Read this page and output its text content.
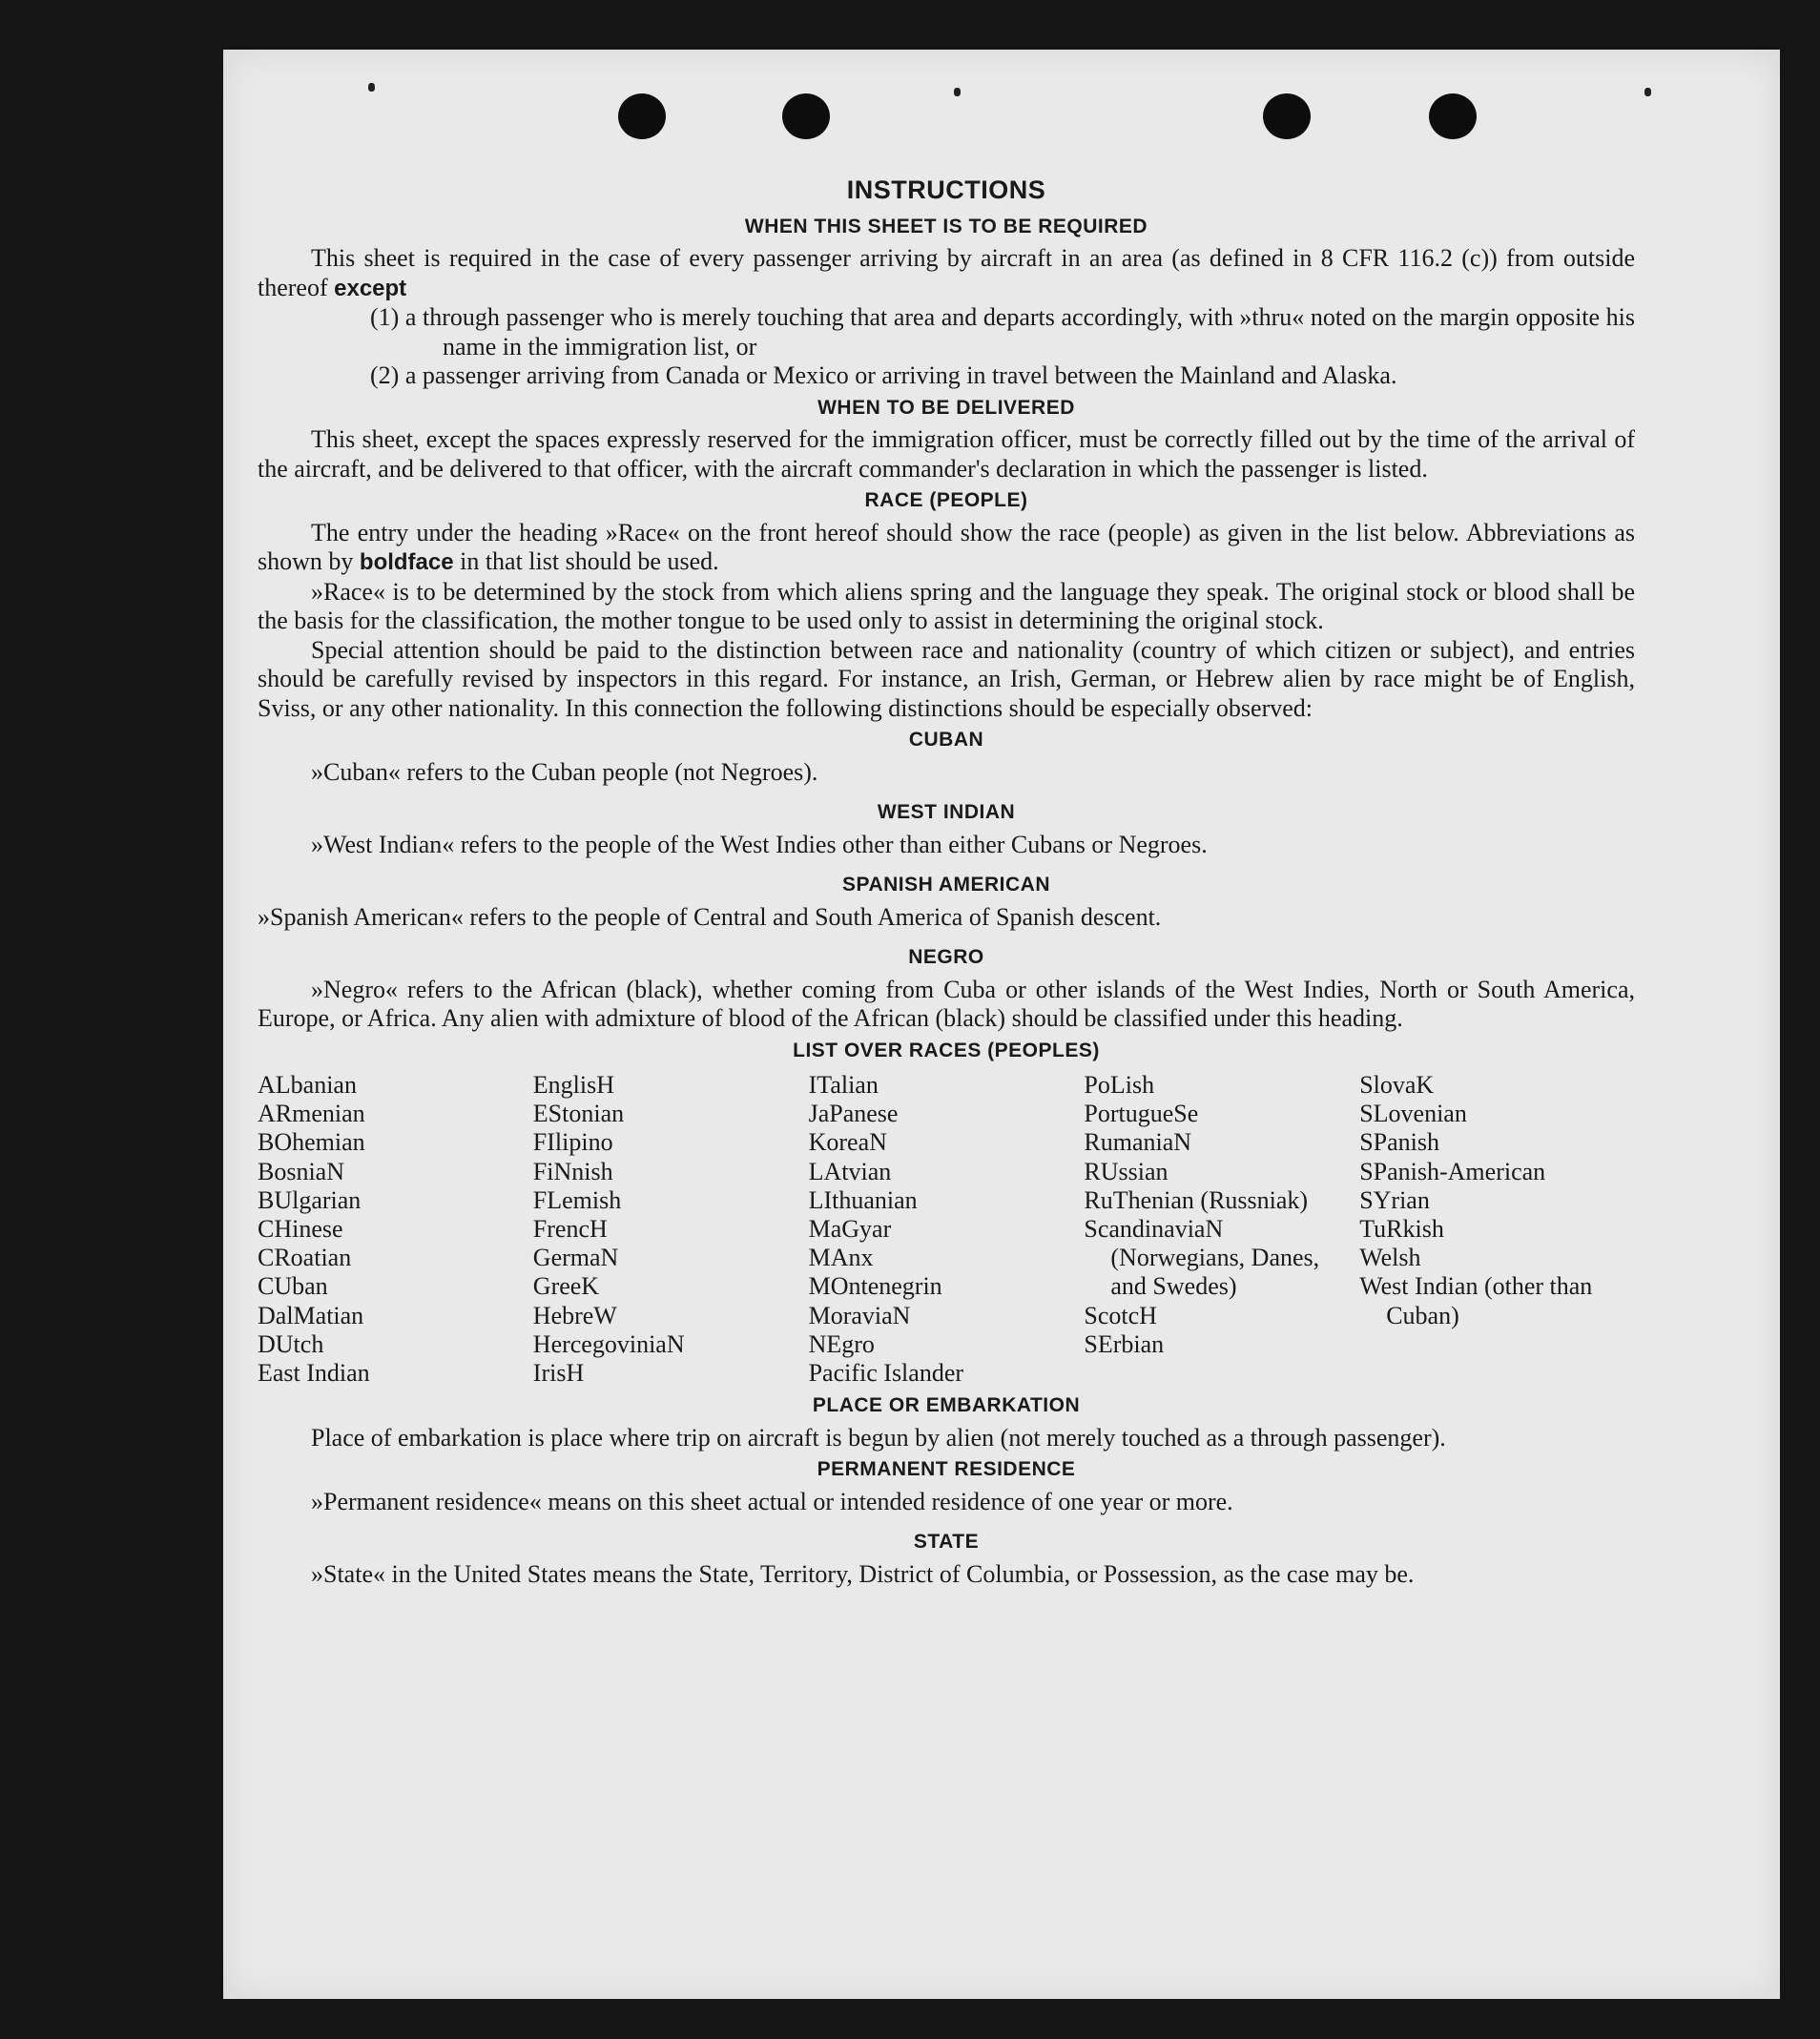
INSTRUCTIONS
WHEN THIS SHEET IS TO BE REQUIRED

This sheet is required in the case of every passenger arriving by aircraft in an area (as defined in 8 CFR 116.2 (c)) from outside thereof except

(1) a through passenger who is merely touching that area and departs accordingly, with »thru« noted on the margin opposite his name in the immigration list, or

(2) a passenger arriving from Canada or Mexico or arriving in travel between the Mainland and Alaska.

WHEN TO BE DELIVERED

This sheet, except the spaces expressly reserved for the immigration officer, must be correctly filled out by the time of the arrival of the aircraft, and be delivered to that officer, with the aircraft commander's declaration in which the passenger is listed.

RACE (PEOPLE)

The entry under the heading »Race« on the front hereof should show the race (people) as given in the list below. Abbreviations as shown by boldface in that list should be used.

»Race« is to be determined by the stock from which aliens spring and the language they speak. The original stock or blood shall be the basis for the classification, the mother tongue to be used only to assist in determining the original stock.

Special attention should be paid to the distinction between race and nationality (country of which citizen or subject), and entries should be carefully revised by inspectors in this regard. For instance, an Irish, German, or Hebrew alien by race might be of English, Sviss, or any other nationality. In this connection the following distinctions should be especially observed:

CUBAN

»Cuban« refers to the Cuban people (not Negroes).

WEST INDIAN

»West Indian« refers to the people of the West Indies other than either Cubans or Negroes.

SPANISH AMERICAN

»Spanish American« refers to the people of Central and South America of Spanish descent.

NEGRO

»Negro« refers to the African (black), whether coming from Cuba or other islands of the West Indies, North or South America, Europe, or Africa. Any alien with admixture of blood of the African (black) should be classified under this heading.

LIST OVER RACES (PEOPLES)
ALbanian
ARmenian
BOhemian
BosniaN
BUlgarian
CHinese
CRoatian
CUban
DalMatian
DUtch
East Indian
EnglisH
EStonian
FIlipino
FiNnish
FLemish
FrencH
GermaN
GreeK
HebreW
HercegoviniaN
IrisH
ITalian
JaPanese
KoreaN
LAtvian
LIthuanian
MaGyar
MAnx
MOntenegrin
MoraviaN
NEgro
Pacific Islander
PoLish
PortugueSe
RumaniaN
RUssian
RuThenian (Russniak)
ScandinaviaN (Norwegians, Danes, and Swedes)
ScotcH
SErbian
SlovaK
SLovenian
SPanish
SPanish-American
SYrian
TuRkish
Welsh
West Indian (other than Cuban)
PLACE OR EMBARKATION

Place of embarkation is place where trip on aircraft is begun by alien (not merely touched as a through passenger).

PERMANENT RESIDENCE

»Permanent residence« means on this sheet actual or intended residence of one year or more.

STATE

»State« in the United States means the State, Territory, District of Columbia, or Possession, as the case may be.
